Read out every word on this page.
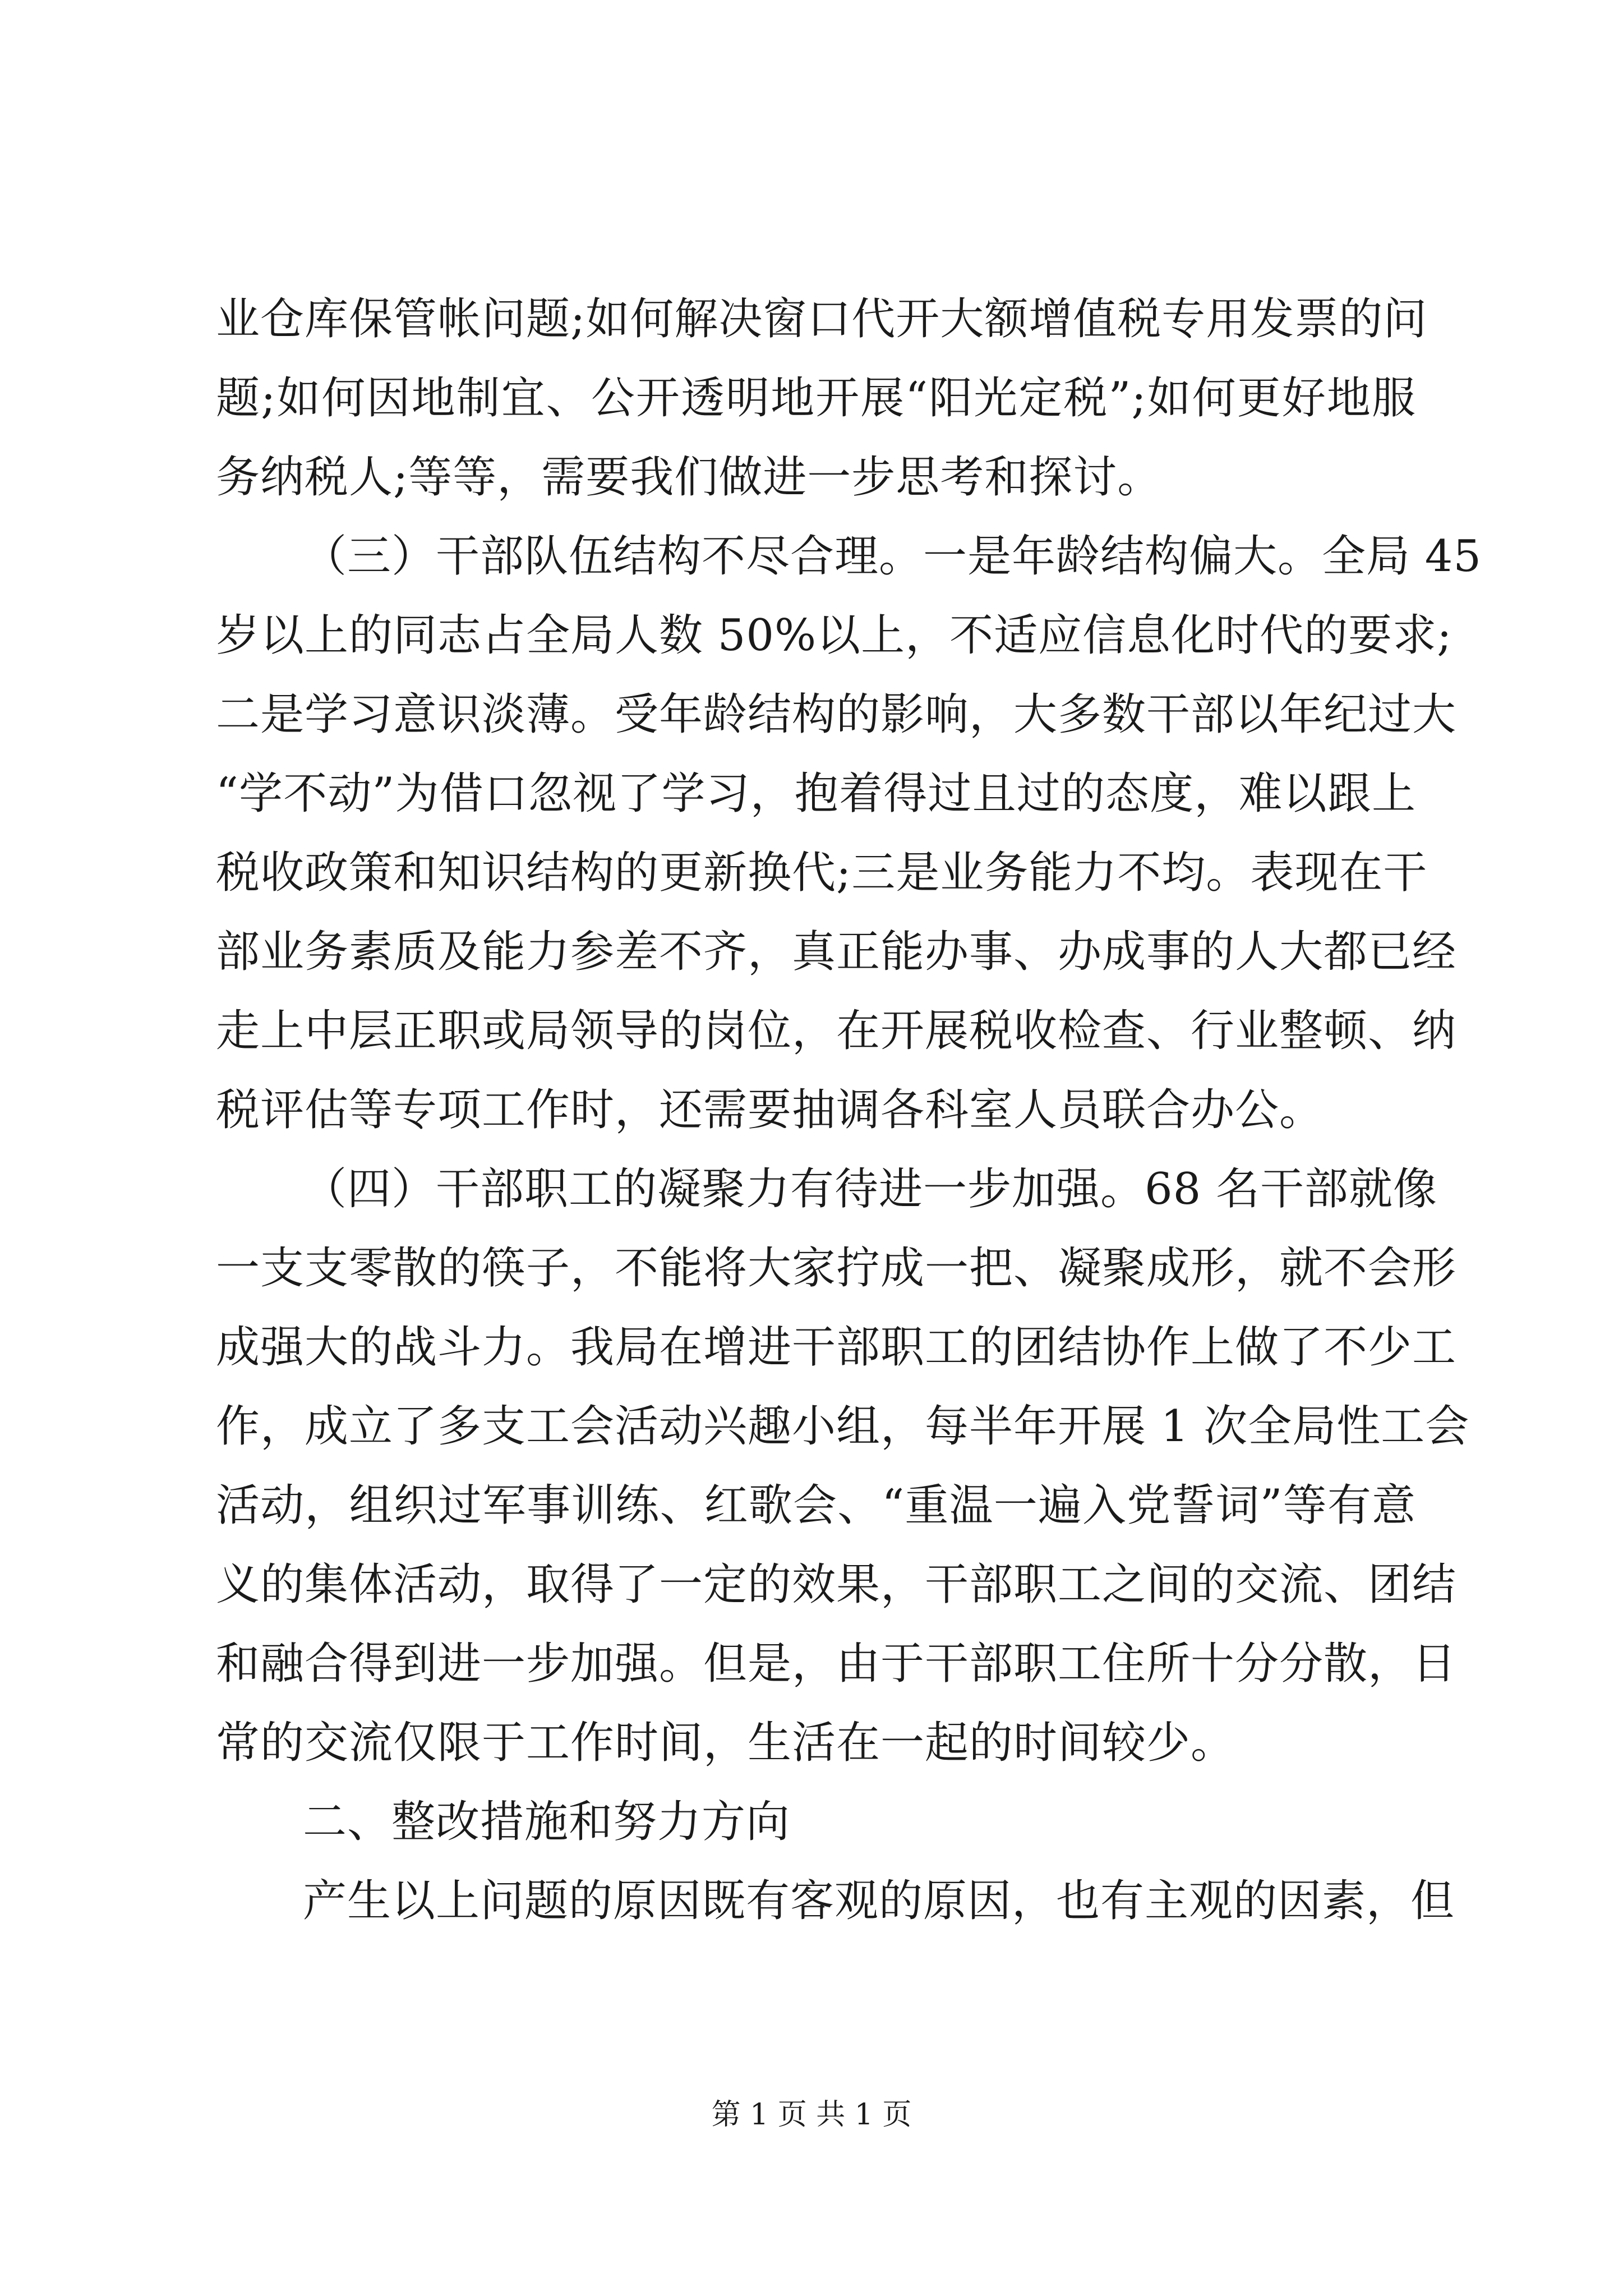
业仓库保管帐问题;如何解决窗口代开大额增值税专用发票的问
题;如何因地制宜、公开透明地开展“阳光定税”;如何更好地服
务纳税人;等等，需要我们做进一步思考和探讨。
（三）干部队伍结构不尽合理。一是年龄结构偏大。全局 45
岁以上的同志占全局人数 50%以上，不适应信息化时代的要求;
二是学习意识淡薄。受年龄结构的影响，大多数干部以年纪过大
“学不动”为借口忽视了学习，抱着得过且过的态度，难以跟上
税收政策和知识结构的更新换代;三是业务能力不均。表现在干
部业务素质及能力参差不齐，真正能办事、办成事的人大都已经
走上中层正职或局领导的岗位，在开展税收检查、行业整顿、纳
税评估等专项工作时，还需要抽调各科室人员联合办公。
（四）干部职工的凝聚力有待进一步加强。68 名干部就像
一支支零散的筷子，不能将大家拧成一把、凝聚成形，就不会形
成强大的战斗力。我局在增进干部职工的团结协作上做了不少工
作，成立了多支工会活动兴趣小组，每半年开展 1 次全局性工会
活动，组织过军事训练、红歌会、“重温一遍入党誓词”等有意
义的集体活动，取得了一定的效果，干部职工之间的交流、团结
和融合得到进一步加强。但是，由于干部职工住所十分分散，日
常的交流仅限于工作时间，生活在一起的时间较少。
二、整改措施和努力方向
产生以上问题的原因既有客观的原因，也有主观的因素，但
第 1 页 共 1 页
